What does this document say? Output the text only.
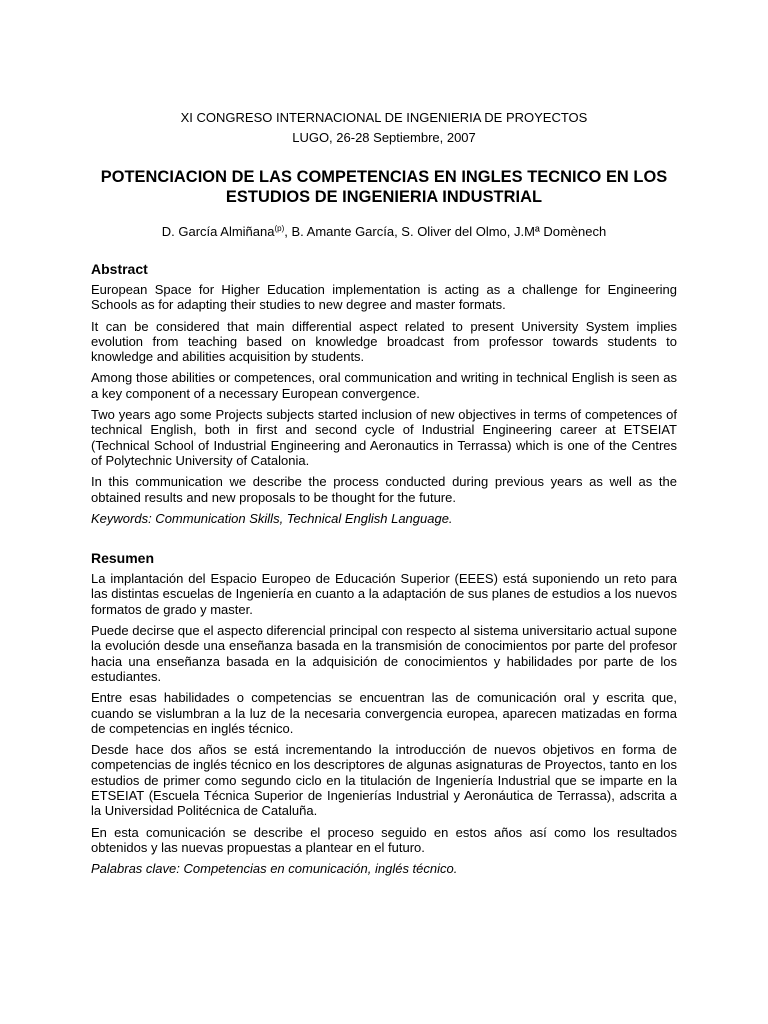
XI CONGRESO INTERNACIONAL DE INGENIERIA DE PROYECTOS
LUGO, 26-28 Septiembre, 2007
POTENCIACION DE LAS COMPETENCIAS EN INGLES TECNICO EN LOS ESTUDIOS DE INGENIERIA INDUSTRIAL
D. García Almiñana$^{(p)}$, B. Amante García, S. Oliver del Olmo, J.Mª Domènech
Abstract

European Space for Higher Education implementation is acting as a challenge for Engineering Schools as for adapting their studies to new degree and master formats.

It can be considered that main differential aspect related to present University System implies evolution from teaching based on knowledge broadcast from professor towards students to knowledge and abilities acquisition by students.

Among those abilities or competences, oral communication and writing in technical English is seen as a key component of a necessary European convergence.

Two years ago some Projects subjects started inclusion of new objectives in terms of competences of technical English, both in first and second cycle of Industrial Engineering career at ETSEIAT (Technical School of Industrial Engineering and Aeronautics in Terrassa) which is one of the Centres of Polytechnic University of Catalonia.

In this communication we describe the process conducted during previous years as well as the obtained results and new proposals to be thought for the future.

Keywords: Communication Skills, Technical English Language.

Resumen

La implantación del Espacio Europeo de Educación Superior (EEES) está suponiendo un reto para las distintas escuelas de Ingeniería en cuanto a la adaptación de sus planes de estudios a los nuevos formatos de grado y master.

Puede decirse que el aspecto diferencial principal con respecto al sistema universitario actual supone la evolución desde una enseñanza basada en la transmisión de conocimientos por parte del profesor hacia una enseñanza basada en la adquisición de conocimientos y habilidades por parte de los estudiantes.

Entre esas habilidades o competencias se encuentran las de comunicación oral y escrita que, cuando se vislumbran a la luz de la necesaria convergencia europea, aparecen matizadas en forma de competencias en inglés técnico.

Desde hace dos años se está incrementando la introducción de nuevos objetivos en forma de competencias de inglés técnico en los descriptores de algunas asignaturas de Proyectos, tanto en los estudios de primer como segundo ciclo en la titulación de Ingeniería Industrial que se imparte en la ETSEIAT (Escuela Técnica Superior de Ingenierías Industrial y Aeronáutica de Terrassa), adscrita a la Universidad Politécnica de Cataluña.

En esta comunicación se describe el proceso seguido en estos años así como los resultados obtenidos y las nuevas propuestas a plantear en el futuro.

Palabras clave: Competencias en comunicación, inglés técnico.
